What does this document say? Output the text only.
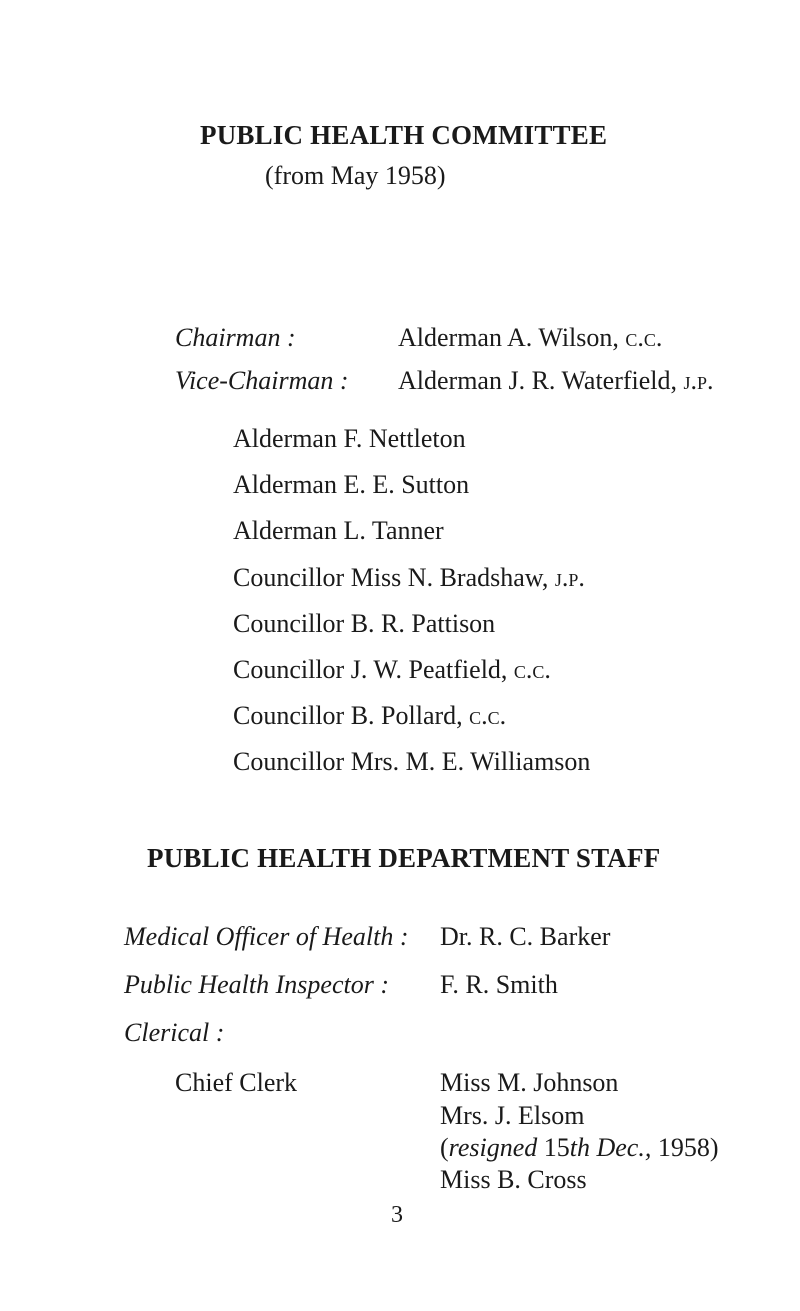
PUBLIC HEALTH COMMITTEE
(from May 1958)
Chairman :	Alderman A. Wilson, c.c.
Vice-Chairman : Alderman J. R. Waterfield, j.p.
Alderman F. Nettleton
Alderman E. E. Sutton
Alderman L. Tanner
Councillor Miss N. Bradshaw, j.p.
Councillor B. R. Pattison
Councillor J. W. Peatfield, c.c.
Councillor B. Pollard, c.c.
Councillor Mrs. M. E. Williamson
PUBLIC HEALTH DEPARTMENT STAFF
Medical Officer of Health : Dr. R. C. Barker
Public Health Inspector : F. R. Smith
Clerical :
Chief Clerk	Miss M. Johnson
Mrs. J. Elsom
(resigned 15th Dec., 1958)
Miss B. Cross
3
